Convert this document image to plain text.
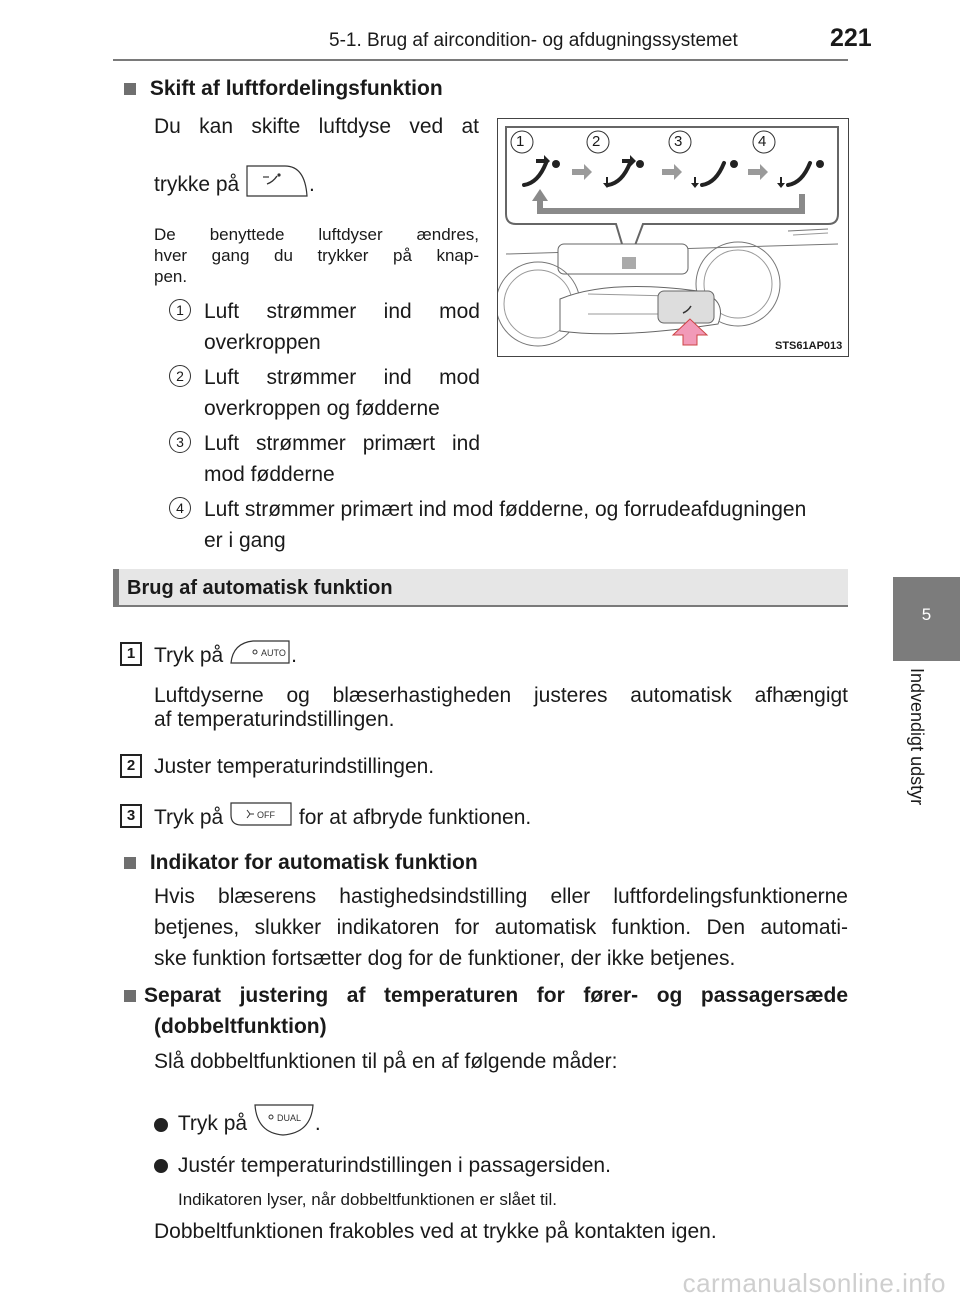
5-1. Brug af aircondition- og afdugningssystemet	221
5
Indvendigt udstyr
Skift af luftfordelingsfunktion
Du kan skifte luftdyse ved at
trykke på	.
De benyttede luftdyser ændres,
hver gang du trykker på knap-
pen.
1 Luft strømmer ind mod
overkroppen
2 Luft strømmer ind mod
overkroppen og fødderne
3 Luft strømmer primært ind
mod fødderne
4 Luft strømmer primært ind mod fødderne, og forrudeafdugningen
er i gang
1	2	3	4
STS61AP013
Brug af automatisk funktion
1 Tryk på	AUTO .
Luftdyserne og blæserhastigheden justeres automatisk afhængigt
af temperaturindstillingen.
2 Juster temperaturindstillingen.
3 Tryk på	OFF for at afbryde funktionen.
Indikator for automatisk funktion
Hvis blæserens hastighedsindstilling eller luftfordelingsfunktionerne
betjenes, slukker indikatoren for automatisk funktion. Den automati-
ske funktion fortsætter dog for de funktioner, der ikke betjenes.
Separat justering af temperaturen for fører- og passagersæde
(dobbeltfunktion)
Slå dobbeltfunktionen til på en af følgende måder:
Tryk på	DUAL .
Justér temperaturindstillingen i passagersiden.
Indikatoren lyser, når dobbeltfunktionen er slået til.
Dobbeltfunktionen frakobles ved at trykke på kontakten igen.
carmanualsonline.info
